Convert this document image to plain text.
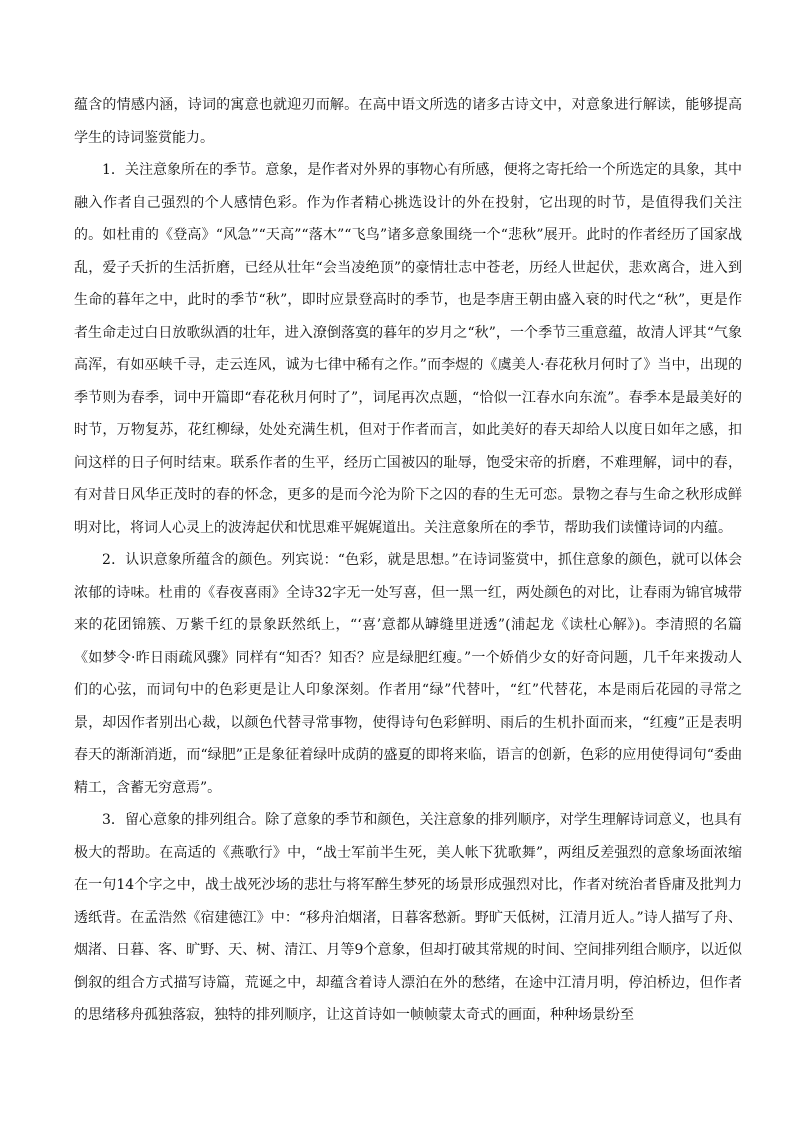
蕴含的情感内涵，诗词的寓意也就迎刃而解。在高中语文所选的诸多古诗文中，对意象进行解读，能够提高学生的诗词鉴赏能力。

1．关注意象所在的季节。意象，是作者对外界的事物心有所感，便将之寄托给一个所选定的具象，其中融入作者自己强烈的个人感情色彩。作为作者精心挑选设计的外在投射，它出现的时节，是值得我们关注的。如杜甫的《登高》“风急”“天高”“落木”“飞鸟”诸多意象围绕一个“悲秋”展开。此时的作者经历了国家战乱，爱子夭折的生活折磨，已经从壮年“会当凌绝顶”的豪情壮志中苍老，历经人世起伏，悲欢离合，进入到生命的暮年之中，此时的季节“秋”，即时应景登高时的季节，也是李唐王朝由盛入衰的时代之“秋”，更是作者生命走过白日放歌纵酒的壮年，进入潦倒落寞的暮年的岁月之“秋”，一个季节三重意蕴，故清人评其“气象高浑，有如巫峡千寻，走云连风，诚为七律中稀有之作。”而李煜的《虞美人·春花秋月何时了》当中，出现的季节则为春季，词中开篇即“春花秋月何时了”，词尾再次点题，“恰似一江春水向东流”。春季本是最美好的时节，万物复苏，花红柳绿，处处充满生机，但对于作者而言，如此美好的春天却给人以度日如年之感，扣问这样的日子何时结束。联系作者的生平，经历亡国被囚的耻辱，饱受宋帝的折磨，不难理解，词中的春，有对昔日风华正茂时的春的怀念，更多的是而今沦为阶下之囚的春的生无可恋。景物之春与生命之秋形成鲜明对比，将词人心灵上的波涛起伏和忧思难平娓娓道出。关注意象所在的季节，帮助我们读懂诗词的内蕴。

2．认识意象所蕴含的颜色。列宾说：“色彩，就是思想。”在诗词鉴赏中，抓住意象的颜色，就可以体会浓郁的诗味。杜甫的《春夜喜雨》全诗32字无一处写喜，但一黑一红，两处颜色的对比，让春雨为锦官城带来的花团锦簇、万紫千红的景象跃然纸上，“‘喜’意都从罅缝里迸透”(浦起龙《读杜心解》)。李清照的名篇《如梦令·昨日雨疏风骤》同样有“知否？知否？应是绿肥红瘦。”一个娇俏少女的好奇问题，几千年来拨动人们的心弦，而词句中的色彩更是让人印象深刻。作者用“绿”代替叶，“红”代替花，本是雨后花园的寻常之景，却因作者别出心裁，以颜色代替寻常事物，使得诗句色彩鲜明、雨后的生机扑面而来，“红瘦”正是表明春天的渐渐消逝，而“绿肥”正是象征着绿叶成荫的盛夏的即将来临，语言的创新，色彩的应用使得词句“委曲精工，含蓄无穷意焉”。

3．留心意象的排列组合。除了意象的季节和颜色，关注意象的排列顺序，对学生理解诗词意义，也具有极大的帮助。在高适的《燕歌行》中，“战士军前半生死，美人帐下犹歌舞”，两组反差强烈的意象场面浓缩在一句14个字之中，战士战死沙场的悲壮与将军醉生梦死的场景形成强烈对比，作者对统治者昏庸及批判力透纸背。在孟浩然《宿建德江》中：“移舟泊烟渚，日暮客愁新。野旷天低树，江清月近人。”诗人描写了舟、烟渚、日暮、客、旷野、天、树、清江、月等9个意象，但却打破其常规的时间、空间排列组合顺序，以近似倒叙的组合方式描写诗篇，荒诞之中，却蕴含着诗人漂泊在外的愁绪，在途中江清月明，停泊桥边，但作者的思绪移舟孤独落寂，独特的排列顺序，让这首诗如一帧帧蒙太奇式的画面，种种场景纷至
